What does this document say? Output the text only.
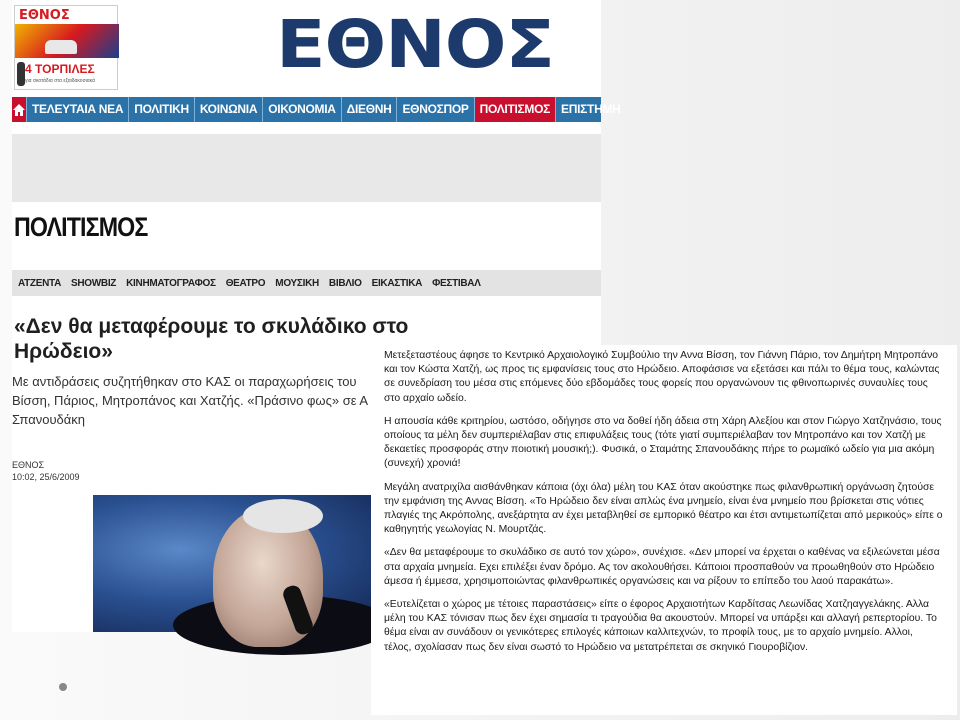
ΕΘΝΟΣ
4 ΤΟΡΠΙΛΕΣ
για σκοτάδια στα εξαιδακοσιακά	ΕΘΝΟΣ
ΤΕΛΕΥΤΑΙΑ ΝΕΑ ΠΟΛΙΤΙΚΗ ΚΟΙΝΩΝΙΑ ΟΙΚΟΝΟΜΙΑ ΔΙΕΘΝΗ ΕΘΝΟΣΠΟΡ ΠΟΛΙΤΙΣΜΟΣ ΕΠΙΣΤΗΜΗ
ΠΟΛΙΤΙΣΜΟΣ
ΑΤΖΕΝΤΑ SHOWBIZ ΚΙΝΗΜΑΤΟΓΡΑΦΟΣ ΘΕΑΤΡΟ ΜΟΥΣΙΚΗ ΒΙΒΛΙΟ ΕΙΚΑΣΤΙΚΑ ΦΕΣΤΙΒΑΛ
«Δεν θα μεταφέρουμε το σκυλάδικο στο
Ηρώδειο»
Με αντιδράσεις συζητήθηκαν στο ΚΑΣ οι παραχωρήσεις του
Βίσση, Πάριος, Μητροπάνος και Χατζής. «Πράσινο φως» σε Α
Σπανουδάκη
ΕΘΝΟΣ
10:02, 25/6/2009

Μετεξεταστέους άφησε το Κεντρικό Αρχαιολογικό Συμβούλιο την Αννα Βίσση, τον Γιάννη Πάριο, τον Δημήτρη Μητροπάνο και τον Κώστα Χατζή, ως προς τις εμφανίσεις τους στο Ηρώδειο. Αποφάσισε να εξετάσει και πάλι το θέμα τους, καλώντας σε συνεδρίαση του μέσα στις επόμενες δύο εβδομάδες τους φορείς που οργανώνουν τις φθινοπωρινές συναυλίες τους στο αρχαίο ωδείο.

Η απουσία κάθε κριτηρίου, ωστόσο, οδήγησε στο να δοθεί ήδη άδεια στη Χάρη Αλεξίου και στον Γιώργο Χατζηνάσιο, τους οποίους τα μέλη δεν συμπεριέλαβαν στις επιφυλάξεις τους (τότε γιατί συμπεριέλαβαν τον Μητροπάνο και τον Χατζή με δεκαετίες προσφοράς στην ποιοτική μουσική;). Φυσικά, ο Σταμάτης Σπανουδάκης πήρε το ρωμαϊκό ωδείο για μια ακόμη (συνεχή) χρονιά!

Μεγάλη ανατριχίλα αισθάνθηκαν κάποια (όχι όλα) μέλη του ΚΑΣ όταν ακούστηκε πως φιλανθρωπική οργάνωση ζητούσε την εμφάνιση της Αννας Βίσση. «Το Ηρώδειο δεν είναι απλώς ένα μνημείο, είναι ένα μνημείο που βρίσκεται στις νότιες πλαγιές της Ακρόπολης, ανεξάρτητα αν έχει μεταβληθεί σε εμπορικό θέατρο και έτσι αντιμετωπίζεται από μερικούς» είπε ο καθηγητής γεωλογίας Ν. Μουρτζάς.

«Δεν θα μεταφέρουμε το σκυλάδικο σε αυτό τον χώρο», συνέχισε. «Δεν μπορεί να έρχεται ο καθένας να εξιλεώνεται μέσα στα αρχαία μνημεία. Εχει επιλέξει έναν δρόμο. Ας τον ακολουθήσει. Κάποιοι προσπαθούν να προωθηθούν στο Ηρώδειο άμεσα ή έμμεσα, χρησιμοποιώντας φιλανθρωπικές οργανώσεις και να ρίξουν το επίπεδο του λαού παρακάτω».

«Ευτελίζεται ο χώρος με τέτοιες παραστάσεις» είπε ο έφορος Αρχαιοτήτων Καρδίτσας Λεωνίδας Χατζηαγγελάκης. Αλλα μέλη του ΚΑΣ τόνισαν πως δεν έχει σημασία τι τραγούδια θα ακουστούν. Μπορεί να υπάρξει και αλλαγή ρεπερτορίου. Το θέμα είναι αν συνάδουν οι γενικότερες επιλογές κάποιων καλλιτεχνών, το προφίλ τους, με το αρχαίο μνημείο. Αλλοι, τέλος, σχολίασαν πως δεν είναι σωστό το Ηρώδειο να μετατρέπεται σε σκηνικό Γιουροβίζιον.
